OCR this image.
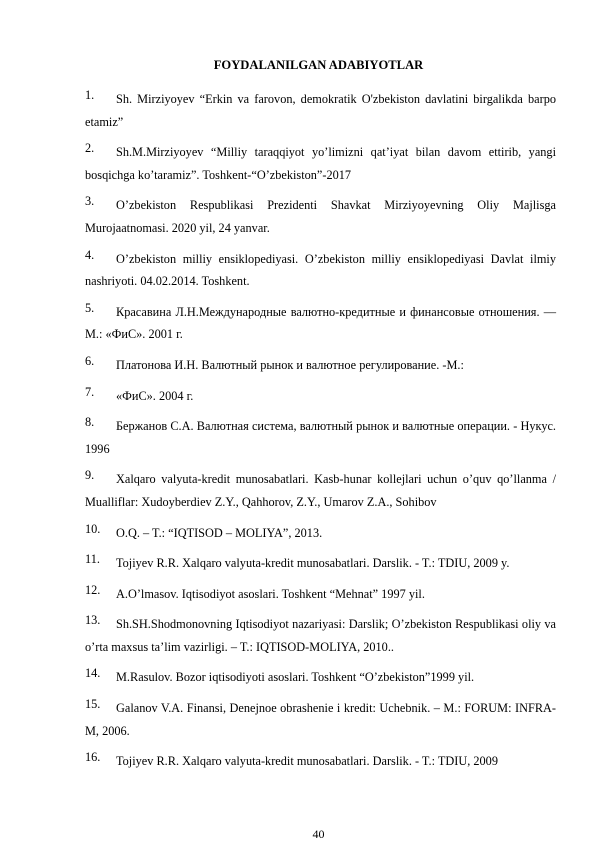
FOYDALANILGAN ADABIYOTLAR
1.	Sh. Mirziyoyev “Erkin va farovon, demokratik O'zbekiston davlatini birgalikda barpo etamiz”
2.	Sh.M.Mirziyoyev “Milliy taraqqiyot yo’limizni qat’iyat bilan davom ettirib, yangi bosqichga ko’taramiz”. Toshkent-“O’zbekiston”-2017
3.	O’zbekiston Respublikasi Prezidenti Shavkat Mirziyoyevning Oliy Majlisga Murojaatnomasi. 2020 yil, 24 yanvar.
4.	O’zbekiston milliy ensiklopediyasi. O’zbekiston milliy ensiklopediyasi Davlat ilmiy nashriyoti. 04.02.2014. Toshkent.
5.	Красавина Л.Н.Международные валютно-кредитные и финансовые отношения. —М.: «ФиС». 2001 г.
6.	Платонова И.Н. Валютный рынок и валютное регулирование. -М.:
7.	«ФиС». 2004 г.
8.	Бержанов С.А. Валютная система, валютный рынок и валютные операции. - Нукус. 1996
9.	Xalqaro valyuta-kredit munosabatlari. Kasb-hunar kollejlari uchun o’quv qo’llanma / Mualliflar: Xudoyberdiev Z.Y., Qahhorov, Z.Y., Umarov Z.A., Sohibov
10.	O.Q. – T.: “IQTISOD – MOLIYA”, 2013.
11.	Tojiyev R.R. Xalqaro valyuta-kredit munosabatlari. Darslik. - T.: TDIU, 2009 y.
12.	A.O’lmasov. Iqtisodiyot asoslari. Toshkent “Mehnat” 1997 yil.
13.	Sh.SH.Shodmonovning Iqtisodiyot nazariyasi: Darslik; O’zbekiston Respublikasi oliy va o’rta maxsus ta’lim vazirligi. – T.: IQTISOD-MOLIYA, 2010..
14.	M.Rasulov. Bozor iqtisodiyoti asoslari. Toshkent “O’zbekiston”1999 yil.
15.	Galanov V.A. Finansi, Denejnoe obrashenie i kredit: Uchebnik. – M.: FORUM: INFRA-M, 2006.
16.	Tojiyev R.R. Xalqaro valyuta-kredit munosabatlari. Darslik. - T.: TDIU, 2009
40
